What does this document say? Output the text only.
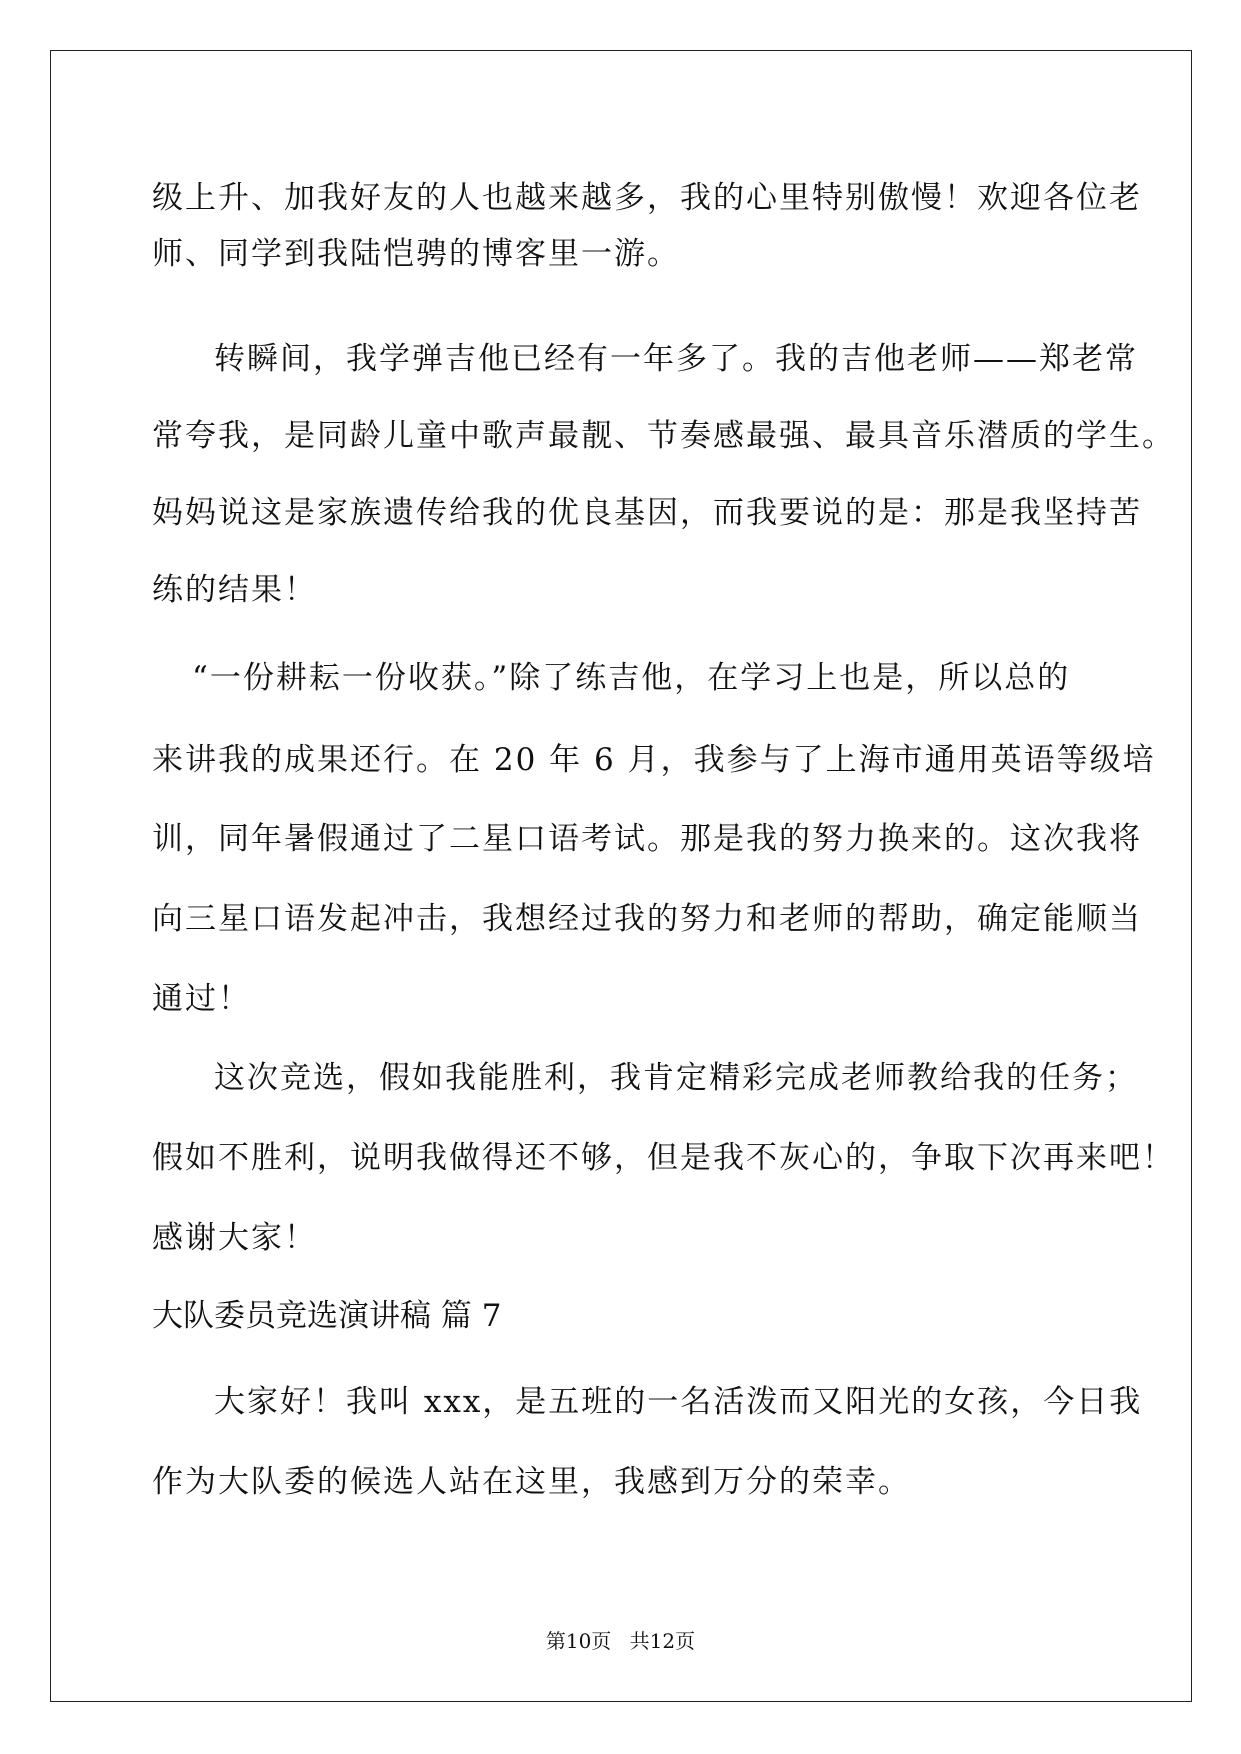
级上升、加我好友的人也越来越多，我的心里特别傲慢！欢迎各位老
师、同学到我陆恺骋的博客里一游。
转瞬间，我学弹吉他已经有一年多了。我的吉他老师——郑老常
常夸我，是同龄儿童中歌声最靓、节奏感最强、最具音乐潜质的学生。
妈妈说这是家族遗传给我的优良基因，而我要说的是：那是我坚持苦
练的结果！
“一份耕耘一份收获。”除了练吉他，在学习上也是，所以总的
来讲我的成果还行。在 20 年 6 月，我参与了上海市通用英语等级培
训，同年暑假通过了二星口语考试。那是我的努力换来的。这次我将
向三星口语发起冲击，我想经过我的努力和老师的帮助，确定能顺当
通过！
这次竞选，假如我能胜利，我肯定精彩完成老师教给我的任务；
假如不胜利，说明我做得还不够，但是我不灰心的，争取下次再来吧！
感谢大家！
大队委员竞选演讲稿 篇 7
大家好！我叫 xxx，是五班的一名活泼而又阳光的女孩，今日我
作为大队委的候选人站在这里，我感到万分的荣幸。
第10页 共12页
